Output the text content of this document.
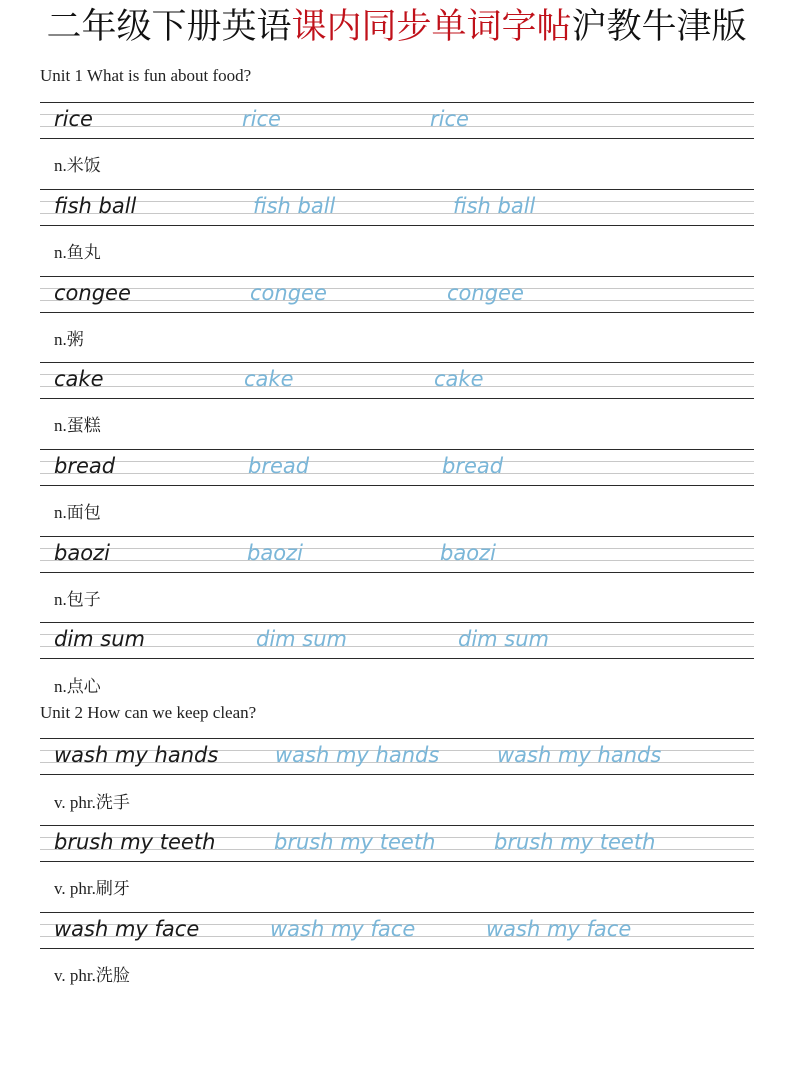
二年级下册英语课内同步单词字帖沪教牛津版
Unit 1 What is fun about food?
rice	rice	rice
n.米饭
fish ball	fish ball	fish ball
n.鱼丸
congee	congee	congee
n.粥
cake	cake	cake
n.蛋糕
bread	bread	bread
n.面包
baozi	baozi	baozi
n.包子
dim sum	dim sum	dim sum
n.点心
Unit 2 How can we keep clean?
wash my hands	wash my hands	wash my hands
v. phr.洗手
brush my teeth	brush my teeth	brush my teeth
v. phr.刷牙
wash my face	wash my face	wash my face
v. phr.洗脸
